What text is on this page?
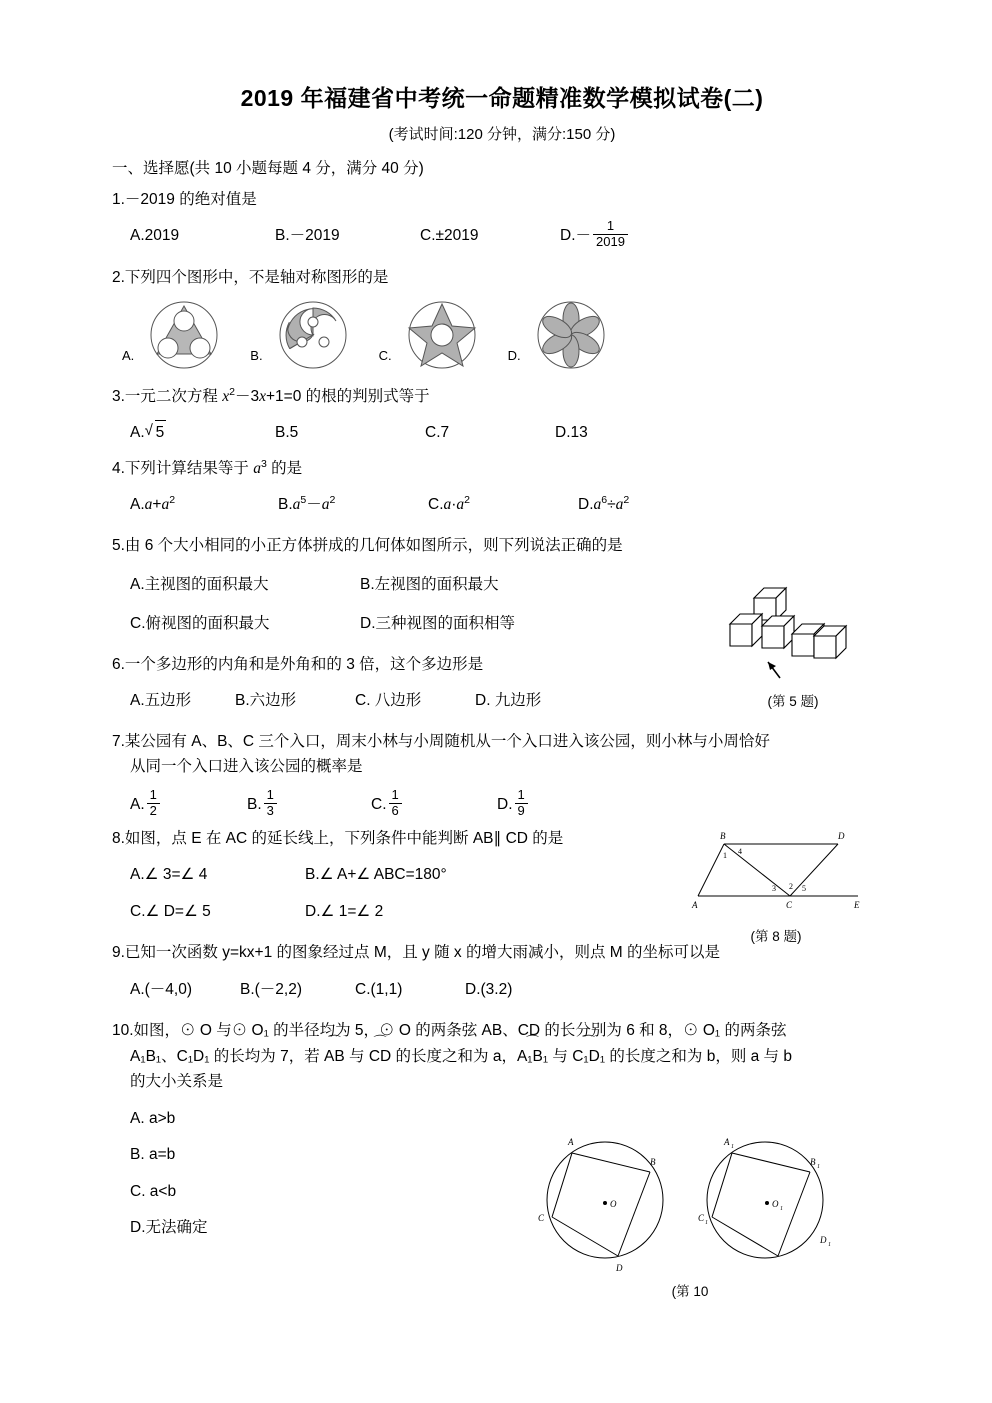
2019 年福建省中考统一命题精准数学模拟试卷(二)
(考试时间:120 分钟，满分:150 分)
一、选择愿(共 10 小题每题 4 分，满分 40 分)
1.－2019 的绝对值是
A.2019	B.－2019	C.±2019	$D.- \frac{1}{2019}$
2.下列四个图形中，不是轴对称图形的是
A.	B.	C.	D.
3.一元二次方程 $x^2-3x+1=0$ 的根的判别式等于
A. √ 5	B.5	C.7	D.13
4.下列计算结果等于 $a^3$ 的是
$A.a+a^2$	$B.a^5-a^2$	$C.a\cdot a^2$	$D.a^6\div a^2$
5.由 6 个大小相同的小正方体拼成的几何体如图所示，则下列说法正确的是
A.主视图的面积最大	B.左视图的面积最大
C.俯视图的面积最大	D.三种视图的面积相等
6.一个多边形的内角和是外角和的 3 倍，这个多边形是
A.五边形	B.六边形	C. 八边形	D. 九边形
7.某公园有 A、B、C 三个入口，周末小林与小周随机从一个入口进入该公园，则小林与小周恰好
从同一个入口进入该公园的概率是
A. $\frac{1}{2}$	B. $\frac{1}{3}$	C. $\frac{1}{6}$	D. $\frac{1}{9}$
8.如图，点 E 在 AC 的延长线上，下列条件中能判断 AB∥ CD 的是
A.∠ 3=∠ 4	B.∠ A+∠ ABC=180°
C.∠ D=∠ 5	D.∠ 1=∠ 2
9.已知一次函数 y=kx+1 的图象经过点 M，且 y 随 x 的增大雨减小，则点 M 的坐标可以是
A.(－4,0)	B.(－2,2)	C.(1,1)	D.(3.2)
10.如图，⊙ O 与⊙ O₁ 的半径均为 5，⊙ O 的两条弦 AB、CD 的长分别为 6 和 8，⊙ O₁ 的两条弦
A₁B₁、C₁D₁ 的长均为 7，若 ⌒ AB 与 ⌒ CD 的长度之和为 a，⌒ A₁B₁ 与 ⌒ C₁D₁ 的长度之和为 b，则 a 与 b
的大小关系是
A. a>b
B. a=b
C. a<b
D.无法确定
(第 5 题)
B	D
A	C	E
1 4
3 2 5
(第 8 题)
A
B
O
C
D
A 1
B 1
O 1
C 1
D 1
(第 10
